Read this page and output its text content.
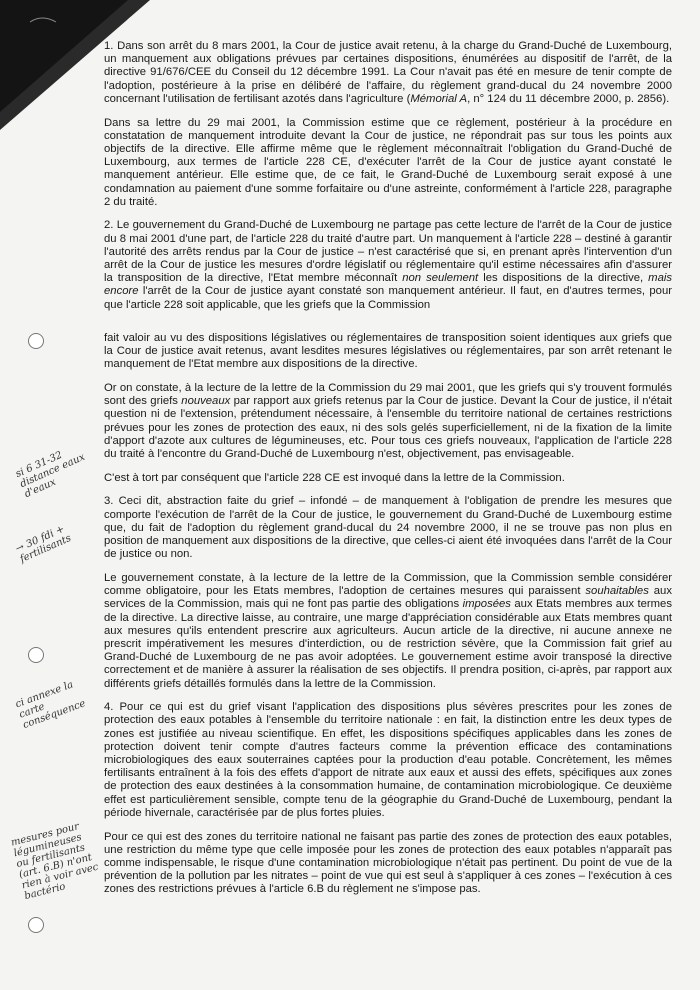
si 6 31-32 distance eaux d'eaux
→ 30 fdi + fertilisants
ci annexe la carte conséquence
mesures pour légumineuses ou fertilisants (art. 6.B) n'ont rien à voir avec bactério

1. Dans son arrêt du 8 mars 2001, la Cour de justice avait retenu, à la charge du Grand-Duché de Luxembourg, un manquement aux obligations prévues par certaines dispositions, énumérées au dispositif de l'arrêt, de la directive 91/676/CEE du Conseil du 12 décembre 1991. La Cour n'avait pas été en mesure de tenir compte de l'adoption, postérieure à la prise en délibéré de l'affaire, du règlement grand-ducal du 24 novembre 2000 concernant l'utilisation de fertilisant azotés dans l'agriculture (Mémorial A, n° 124 du 11 décembre 2000, p. 2856).

Dans sa lettre du 29 mai 2001, la Commission estime que ce règlement, postérieur à la procédure en constatation de manquement introduite devant la Cour de justice, ne répondrait pas sur tous les points aux objectifs de la directive. Elle affirme même que le règlement méconnaîtrait l'obligation du Grand-Duché de Luxembourg, aux termes de l'article 228 CE, d'exécuter l'arrêt de la Cour de justice ayant constaté le manquement antérieur. Elle estime que, de ce fait, le Grand-Duché de Luxembourg serait exposé à une condamnation au paiement d'une somme forfaitaire ou d'une astreinte, conformément à l'article 228, paragraphe 2 du traité.

2. Le gouvernement du Grand-Duché de Luxembourg ne partage pas cette lecture de l'arrêt de la Cour de justice du 8 mai 2001 d'une part, de l'article 228 du traité d'autre part. Un manquement à l'article 228 – destiné à garantir l'autorité des arrêts rendus par la Cour de justice – n'est caractérisé que si, en prenant après l'intervention d'un arrêt de la Cour de justice les mesures d'ordre législatif ou réglementaire qu'il estime nécessaires afin d'assurer la transposition de la directive, l'Etat membre méconnaît non seulement les dispositions de la directive, mais encore l'arrêt de la Cour de justice ayant constaté son manquement antérieur. Il faut, en d'autres termes, pour que l'article 228 soit applicable, que les griefs que la Commission

fait valoir au vu des dispositions législatives ou réglementaires de transposition soient identiques aux griefs que la Cour de justice avait retenus, avant lesdites mesures législatives ou réglementaires, par son arrêt retenant le manquement de l'Etat membre aux dispositions de la directive.

Or on constate, à la lecture de la lettre de la Commission du 29 mai 2001, que les griefs qui s'y trouvent formulés sont des griefs nouveaux par rapport aux griefs retenus par la Cour de justice. Devant la Cour de justice, il n'était question ni de l'extension, prétendument nécessaire, à l'ensemble du territoire national de certaines restrictions prévues pour les zones de protection des eaux, ni des sols gelés superficiellement, ni de la fixation de la limite d'apport d'azote aux cultures de légumineuses, etc. Pour tous ces griefs nouveaux, l'application de l'article 228 du traité à l'encontre du Grand-Duché de Luxembourg n'est, objectivement, pas envisageable.

C'est à tort par conséquent que l'article 228 CE est invoqué dans la lettre de la Commission.

3. Ceci dit, abstraction faite du grief – infondé – de manquement à l'obligation de prendre les mesures que comporte l'exécution de l'arrêt de la Cour de justice, le gouvernement du Grand-Duché de Luxembourg estime que, du fait de l'adoption du règlement grand-ducal du 24 novembre 2000, il ne se trouve pas non plus en position de manquement aux dispositions de la directive, que celles-ci aient été invoquées dans l'arrêt de la Cour de justice ou non.

Le gouvernement constate, à la lecture de la lettre de la Commission, que la Commission semble considérer comme obligatoire, pour les Etats membres, l'adoption de certaines mesures qui paraissent souhaitables aux services de la Commission, mais qui ne font pas partie des obligations imposées aux Etats membres aux termes de la directive. La directive laisse, au contraire, une marge d'appréciation considérable aux Etats membres quant aux mesures qu'ils entendent prescrire aux agriculteurs. Aucun article de la directive, ni aucune annexe ne prescrit impérativement les mesures d'interdiction, ou de restriction sévère, que la Commission fait grief au Grand-Duché de Luxembourg de ne pas avoir adoptées. Le gouvernement estime avoir transposé la directive correctement et de manière à assurer la réalisation de ses objectifs. Il prendra position, ci-après, par rapport aux différents griefs détaillés formulés dans la lettre de la Commission.

4. Pour ce qui est du grief visant l'application des dispositions plus sévères prescrites pour les zones de protection des eaux potables à l'ensemble du territoire nationale : en fait, la distinction entre les deux types de zones est justifiée au niveau scientifique. En effet, les dispositions spécifiques applicables dans les zones de protection doivent tenir compte d'autres facteurs comme la prévention efficace des contaminations microbiologiques des eaux souterraines captées pour la production d'eau potable. Concrètement, les mêmes fertilisants entraînent à la fois des effets d'apport de nitrate aux eaux et aussi des effets, spécifiques aux zones de protection des eaux destinées à la consommation humaine, de contamination microbiologique. Ce deuxième effet est particulièrement sensible, compte tenu de la géographie du Grand-Duché de Luxembourg, pendant la période hivernale, caractérisée par de plus fortes pluies.

Pour ce qui est des zones du territoire national ne faisant pas partie des zones de protection des eaux potables, une restriction du même type que celle imposée pour les zones de protection des eaux potables n'apparaît pas comme indispensable, le risque d'une contamination microbiologique n'était pas pertinent. Du point de vue de la prévention de la pollution par les nitrates – point de vue qui est seul à s'appliquer à ces zones – l'exécution à ces zones des restrictions prévues à l'article 6.B du règlement ne s'impose pas.
